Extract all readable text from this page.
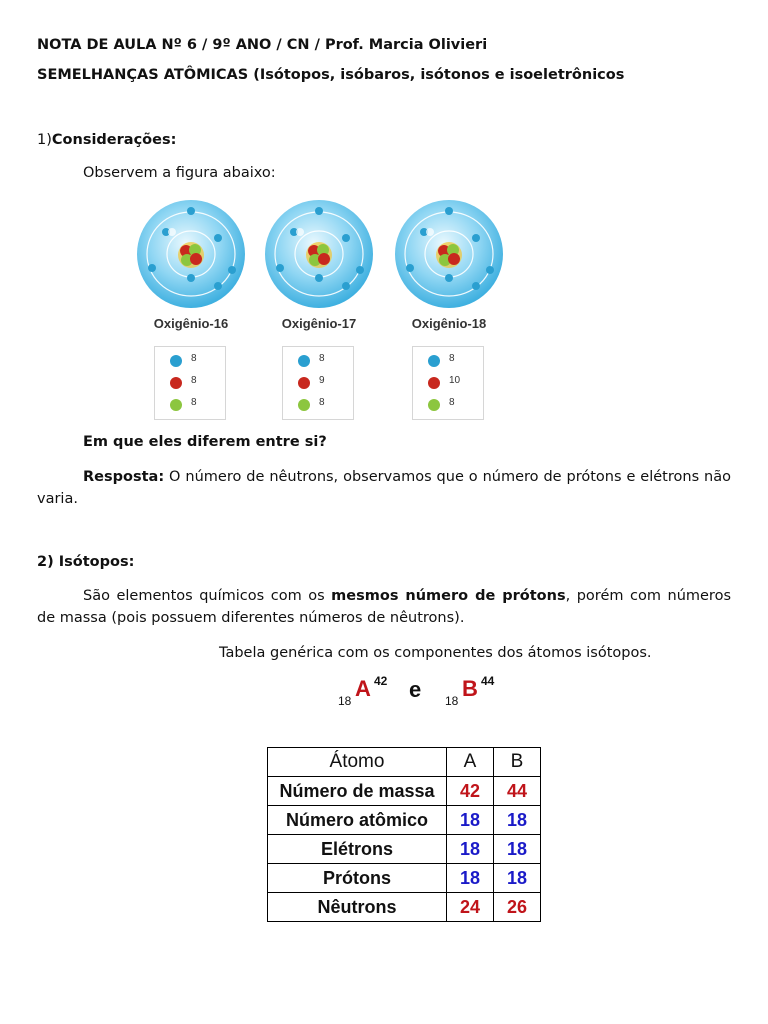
NOTA DE AULA Nº 6 / 9º ANO / CN / Prof. Marcia Olivieri
SEMELHANÇAS ATÔMICAS (Isótopos, isóbaros, isótonos e isoeletrônicos
1)Considerações:
Observem a figura abaixo:
Oxigênio-16
8
8
8
Oxigênio-17
8
9
8
Oxigênio-18
8
10
8
Em que eles diferem entre si?
Resposta: O número de nêutrons, observamos que o número de prótons e elétrons não varia.
2) Isótopos:
São elementos químicos com os mesmos número de prótons, porém com números de massa (pois possuem diferentes números de nêutrons).
Tabela genérica com os componentes dos átomos isótopos.
18 A 42 e 18 B 44
Átomo	A	B
Número de massa	42	44
Número atômico	18	18
Elétrons	18	18
Prótons	18	18
Nêutrons	24	26
